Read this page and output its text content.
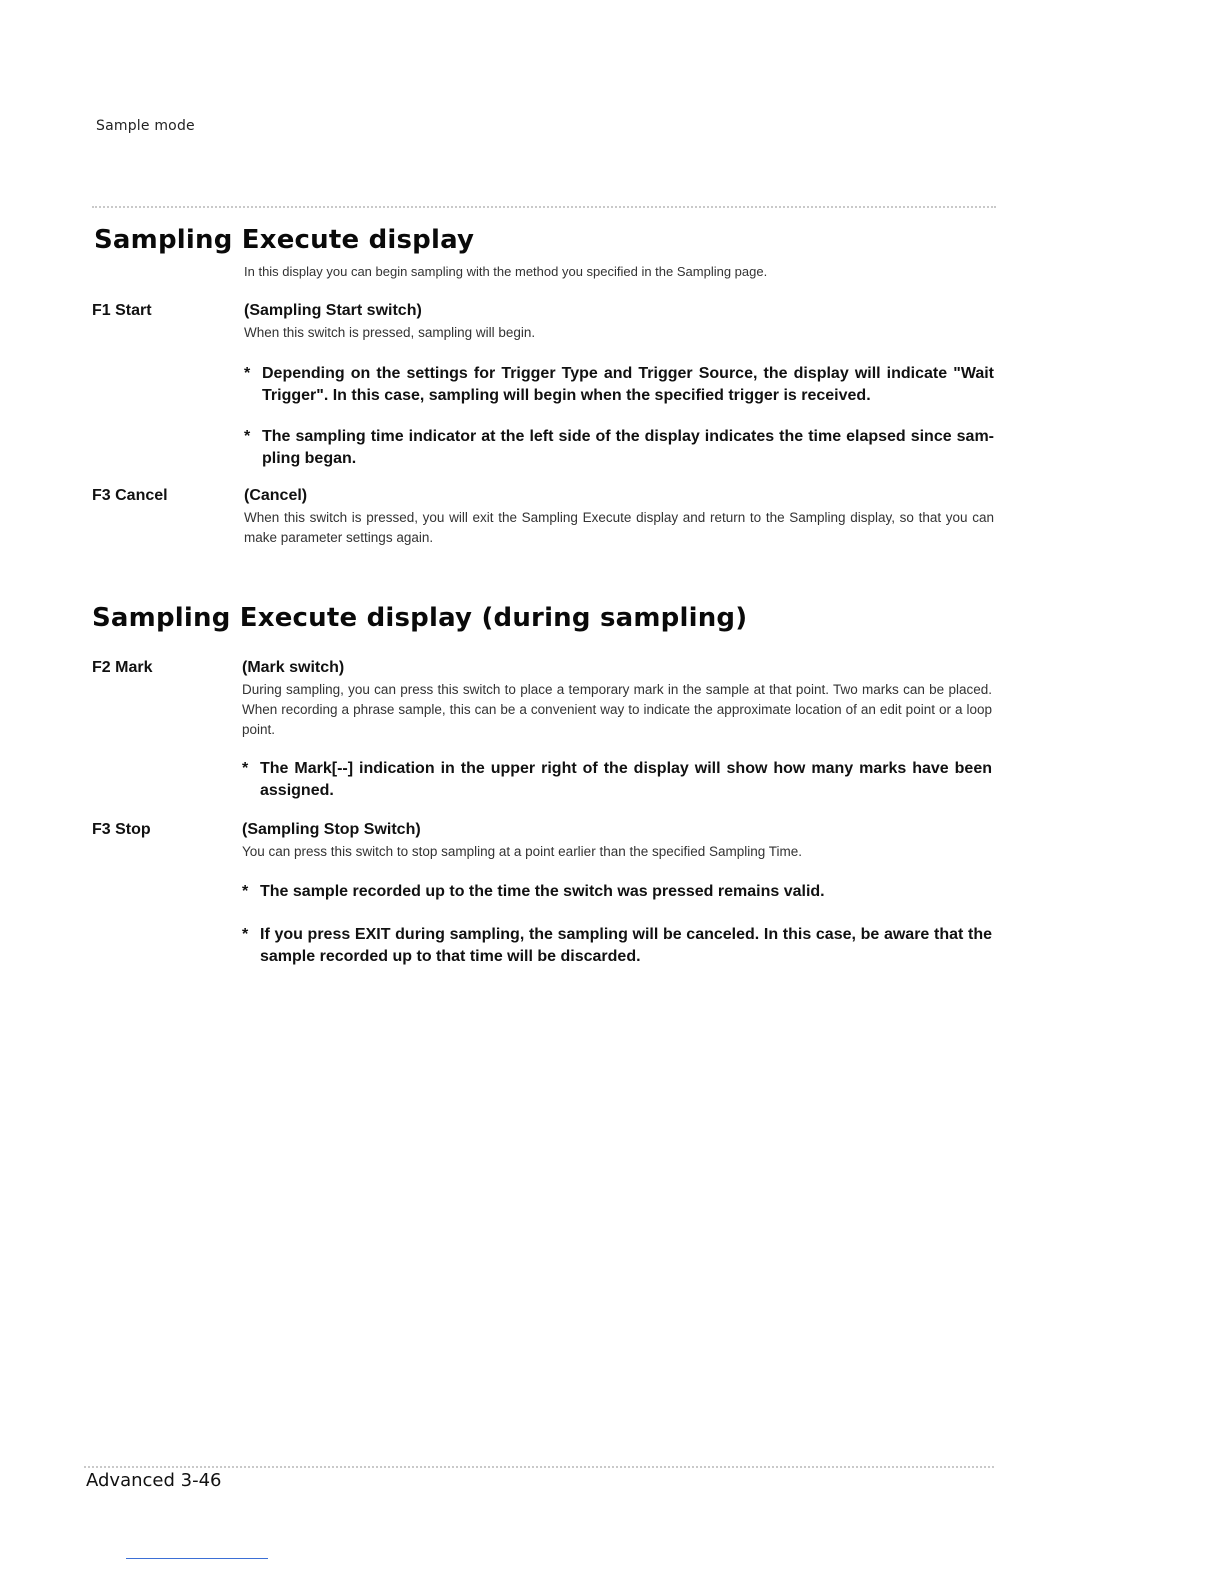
Sample mode
Sampling Execute display
In this display you can begin sampling with the method you specified in the Sampling page.
F1 Start	(Sampling Start switch)

When this switch is pressed, sampling will begin.

* Depending on the settings for Trigger Type and Trigger Source, the display will indicate "Wait Trigger". In this case, sampling will begin when the specified trigger is received.
* The sampling time indicator at the left side of the display indicates the time elapsed since sam-pling began.
F3 Cancel	(Cancel)

When this switch is pressed, you will exit the Sampling Execute display and return to the Sampling display, so that you can make parameter settings again.

Sampling Execute display (during sampling)
F2 Mark	(Mark switch)

During sampling, you can press this switch to place a temporary mark in the sample at that point. Two marks can be placed. When recording a phrase sample, this can be a convenient way to indicate the approximate location of an edit point or a loop point.

* The Mark[--] indication in the upper right of the display will show how many marks have been assigned.
F3 Stop	(Sampling Stop Switch)

You can press this switch to stop sampling at a point earlier than the specified Sampling Time.

* The sample recorded up to the time the switch was pressed remains valid.
* If you press EXIT during sampling, the sampling will be canceled. In this case, be aware that the sample recorded up to that time will be discarded.
Advanced 3-46
